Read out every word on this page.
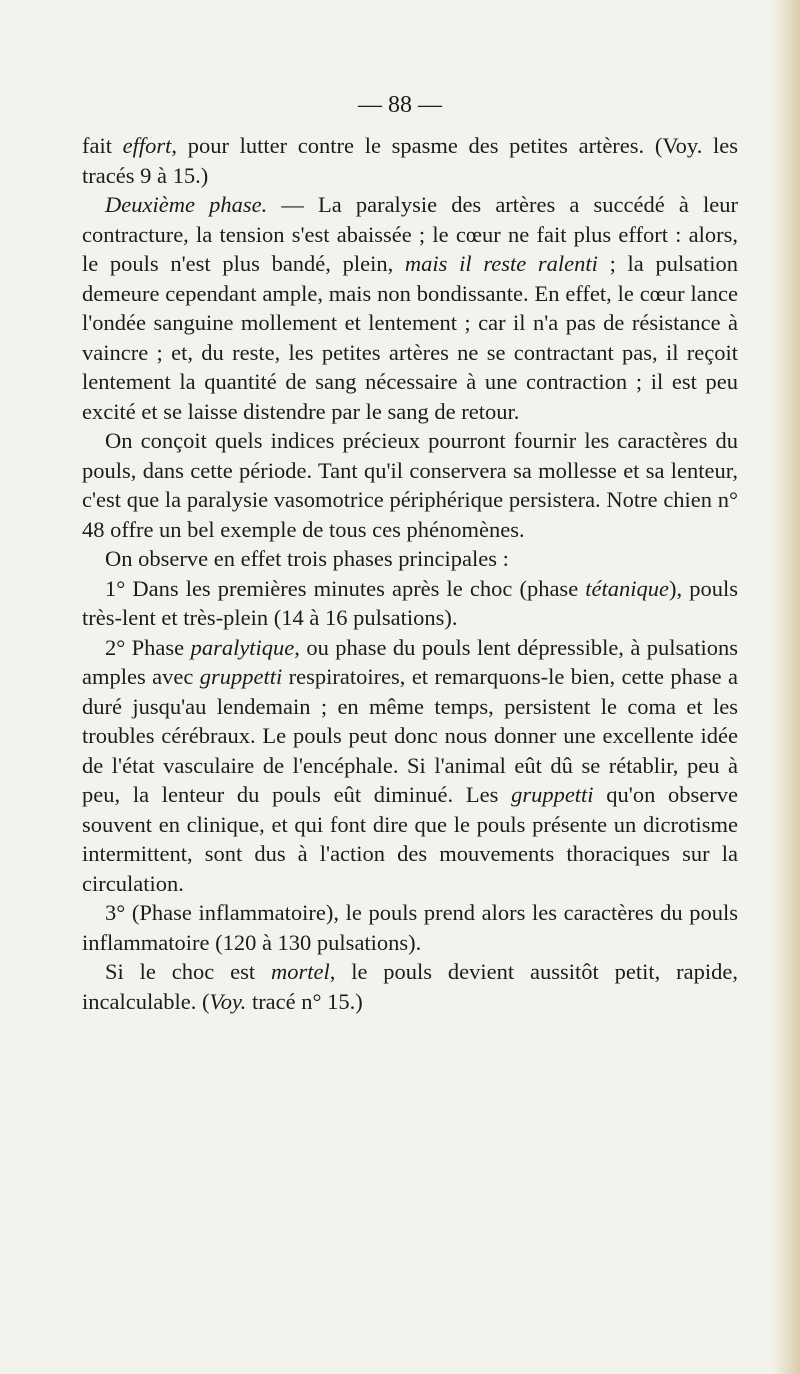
— 88 —

fait effort, pour lutter contre le spasme des petites artères. (Voy. les tracés 9 à 15.)

Deuxième phase. — La paralysie des artères a succédé à leur contracture, la tension s'est abaissée ; le cœur ne fait plus effort : alors, le pouls n'est plus bandé, plein, mais il reste ralenti ; la pulsation demeure cependant ample, mais non bondissante. En effet, le cœur lance l'ondée sanguine mollement et lentement ; car il n'a pas de résistance à vaincre ; et, du reste, les petites artères ne se contractant pas, il reçoit lentement la quantité de sang nécessaire à une contraction ; il est peu excité et se laisse distendre par le sang de retour.

On conçoit quels indices précieux pourront fournir les caractères du pouls, dans cette période. Tant qu'il conservera sa mollesse et sa lenteur, c'est que la paralysie vasomotrice périphérique persistera. Notre chien n° 48 offre un bel exemple de tous ces phénomènes.

On observe en effet trois phases principales :

1° Dans les premières minutes après le choc (phase tétanique), pouls très-lent et très-plein (14 à 16 pulsations).

2° Phase paralytique, ou phase du pouls lent dépressible, à pulsations amples avec gruppetti respiratoires, et remarquons-le bien, cette phase a duré jusqu'au lendemain ; en même temps, persistent le coma et les troubles cérébraux. Le pouls peut donc nous donner une excellente idée de l'état vasculaire de l'encéphale. Si l'animal eût dû se rétablir, peu à peu, la lenteur du pouls eût diminué. Les gruppetti qu'on observe souvent en clinique, et qui font dire que le pouls présente un dicrotisme intermittent, sont dus à l'action des mouvements thoraciques sur la circulation.

3° (Phase inflammatoire), le pouls prend alors les caractères du pouls inflammatoire (120 à 130 pulsations).

Si le choc est mortel, le pouls devient aussitôt petit, rapide, incalculable. (Voy. tracé n° 15.)
